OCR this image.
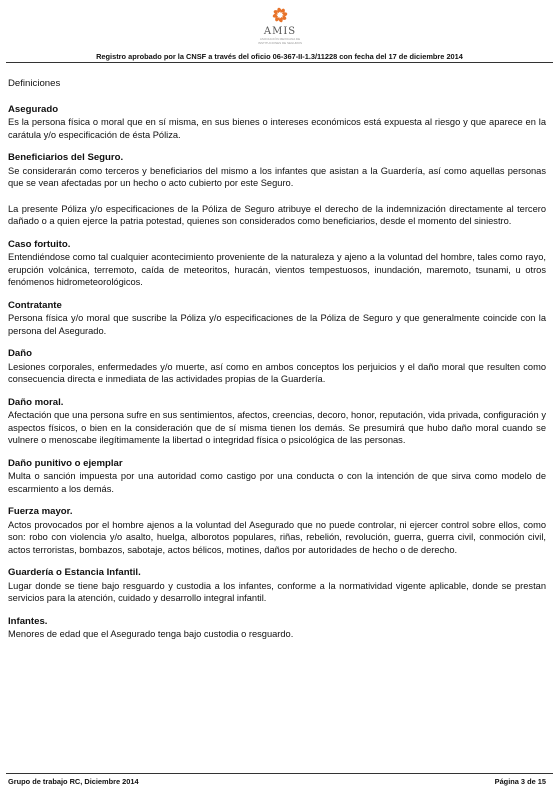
AMIS
ASOCIACIÓN MEXICANA DE INSTITUCIONES DE SEGUROS
Registro aprobado por la CNSF a través del oficio 06-367-II-1.3/11228 con fecha del 17 de diciembre 2014
Definiciones
Asegurado

Es la persona física o moral que en sí misma, en sus bienes o intereses económicos está expuesta al riesgo y que aparece en la carátula y/o especificación de ésta Póliza.

Beneficiarios del Seguro.

Se considerarán como terceros y beneficiarios del mismo a los infantes que asistan a la Guardería, así como aquellas personas que se vean afectadas por un hecho o acto cubierto por este Seguro.

La presente Póliza y/o especificaciones de la Póliza de Seguro atribuye el derecho de la indemnización directamente al tercero dañado o a quien ejerce la patria potestad, quienes son considerados como beneficiarios, desde el momento del siniestro.

Caso fortuito.

Entendiéndose como tal cualquier acontecimiento proveniente de la naturaleza y ajeno a la voluntad del hombre, tales como rayo, erupción volcánica, terremoto, caída de meteoritos, huracán, vientos tempestuosos, inundación, maremoto, tsunami, u otros fenómenos hidrometeorológicos.

Contratante

Persona física y/o moral que suscribe la Póliza y/o especificaciones de la Póliza de Seguro y que generalmente coincide con la persona del Asegurado.

Daño

Lesiones corporales, enfermedades y/o muerte, así como en ambos conceptos los perjuicios y el daño moral que resulten como consecuencia directa e inmediata de las actividades propias de la Guardería.

Daño moral.

Afectación que una persona sufre en sus sentimientos, afectos, creencias, decoro, honor, reputación, vida privada, configuración y aspectos físicos, o bien en la consideración que de sí misma tienen los demás. Se presumirá que hubo daño moral cuando se vulnere o menoscabe ilegítimamente la libertad o integridad física o psicológica de las personas.

Daño punitivo o ejemplar

Multa o sanción impuesta por una autoridad como castigo por una conducta o con la intención de que sirva como modelo de escarmiento a los demás.

Fuerza mayor.

Actos provocados por el hombre ajenos a la voluntad del Asegurado que no puede controlar, ni ejercer control sobre ellos, como son: robo con violencia y/o asalto, huelga, alborotos populares, riñas, rebelión, revolución, guerra, guerra civil, conmoción civil, actos terroristas, bombazos, sabotaje, actos bélicos, motines, daños por autoridades de hecho o de derecho.

Guardería o Estancia Infantil.

Lugar donde se tiene bajo resguardo y custodia a los infantes, conforme a la normatividad vigente aplicable, donde se prestan servicios para la atención, cuidado y desarrollo integral infantil.

Infantes.

Menores de edad que el Asegurado tenga bajo custodia o resguardo.

Grupo de trabajo RC, Diciembre 2014	Página 3 de 15
